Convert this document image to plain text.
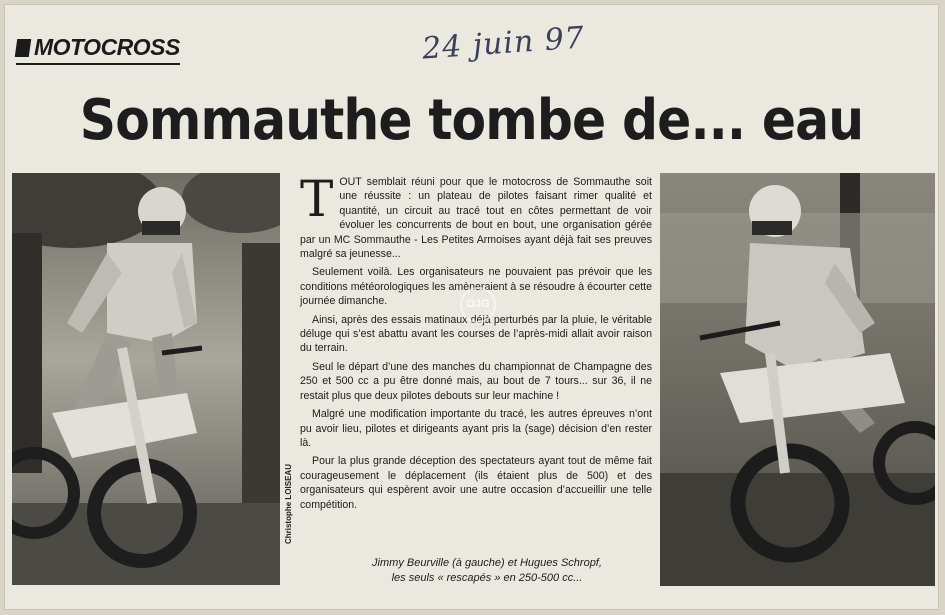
MOTOCROSS	24 juin 97
Sommauthe tombe de... eau
Christophe LOISEAU

TOUT semblait réuni pour que le motocross de Sommauthe soit une réussite : un plateau de pilotes faisant rimer qualité et quantité, un circuit au tracé tout en côtes permettant de voir évoluer les concurrents de bout en bout, une organisation gérée par un MC Sommauthe - Les Petites Armoises ayant déjà fait ses preuves malgré sa jeunesse...

Seulement voilà. Les organisateurs ne pouvaient pas prévoir que les conditions météorologiques les amèneraient à se résoudre à écourter cette journée dimanche.

Ainsi, après des essais matinaux déjà perturbés par la pluie, le véritable déluge qui s’est abattu avant les courses de l’après-midi allait avoir raison du terrain.

Seul le départ d’une des manches du championnat de Champagne des 250 et 500 cc a pu être donné mais, au bout de 7 tours... sur 36, il ne restait plus que deux pilotes debouts sur leur machine !

Malgré une modification importante du tracé, les autres épreuves n’ont pu avoir lieu, pilotes et dirigeants ayant pris la (sage) décision d’en rester là.

Pour la plus grande déception des spectateurs ayant tout de même fait courageusement le déplacement (ils étaient plus de 500) et des organisateurs qui espèrent avoir une autre occasion d’accueillir une telle compétition.

OJG
Jimmy Beurville (à gauche) et Hugues Schropf,
les seuls « rescapés » en 250-500 cc...
